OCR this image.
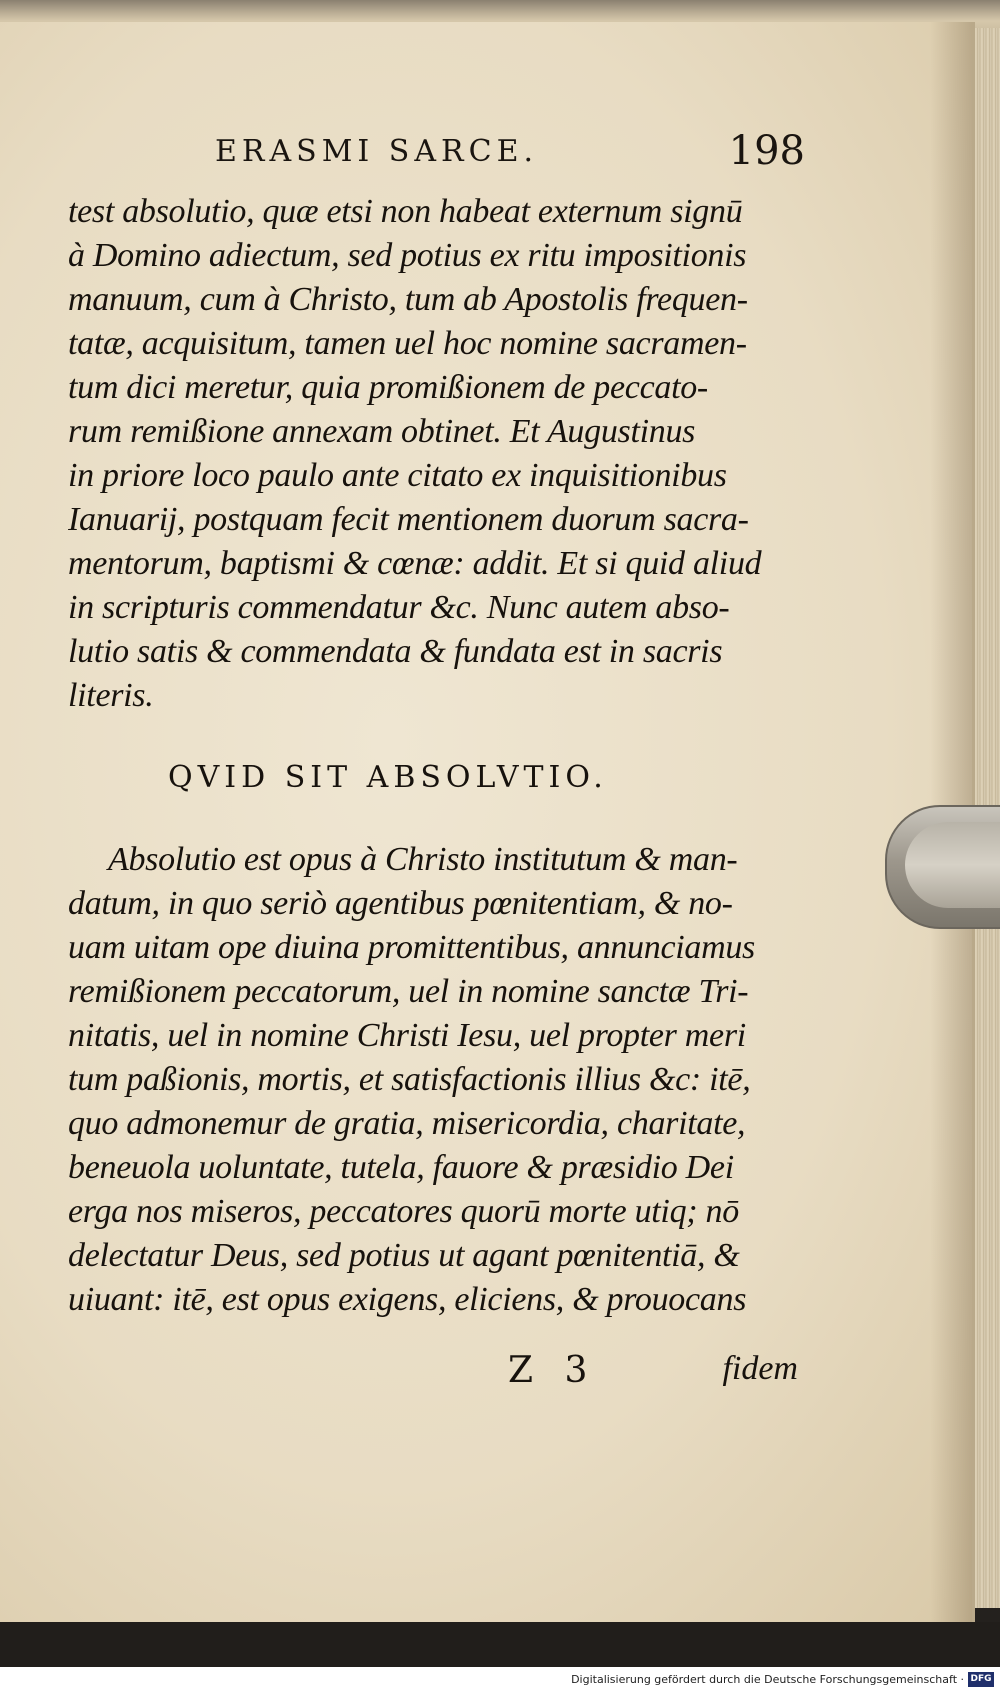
ERASMI SARCE.	198
test absolutio, quæ etsi non habeat externum signū
à Domino adiectum, sed potius ex ritu impositionis
manuum, cum à Christo, tum ab Apostolis frequen-
tatæ, acquisitum, tamen uel hoc nomine sacramen-
tum dici meretur, quia promißionem de peccato-
rum remißione annexam obtinet. Et Augustinus
in priore loco paulo ante citato ex inquisitionibus
Ianuarij, postquam fecit mentionem duorum sacra-
mentorum, baptismi & cœnæ: addit. Et si quid aliud
in scripturis commendatur &c. Nunc autem abso-
lutio satis & commendata & fundata est in sacris
literis.
QVID SIT ABSOLVTIO.
Absolutio est opus à Christo institutum & man-
datum, in quo seriò agentibus pœnitentiam, & no-
uam uitam ope diuina promittentibus, annunciamus
remißionem peccatorum, uel in nomine sanctæ Tri-
nitatis, uel in nomine Christi Iesu, uel propter meri
tum paßionis, mortis, et satisfactionis illius &c: itē,
quo admonemur de gratia, misericordia, charitate,
beneuola uoluntate, tutela, fauore & præsidio Dei
erga nos miseros, peccatores quorū morte utiq; nō
delectatur Deus, sed potius ut agant pœnitentiā, &
uiuant: itē, est opus exigens, eliciens, & prouocans
Z 3	fidem
Digitalisierung gefördert durch die Deutsche Forschungsgemeinschaft · DFG
